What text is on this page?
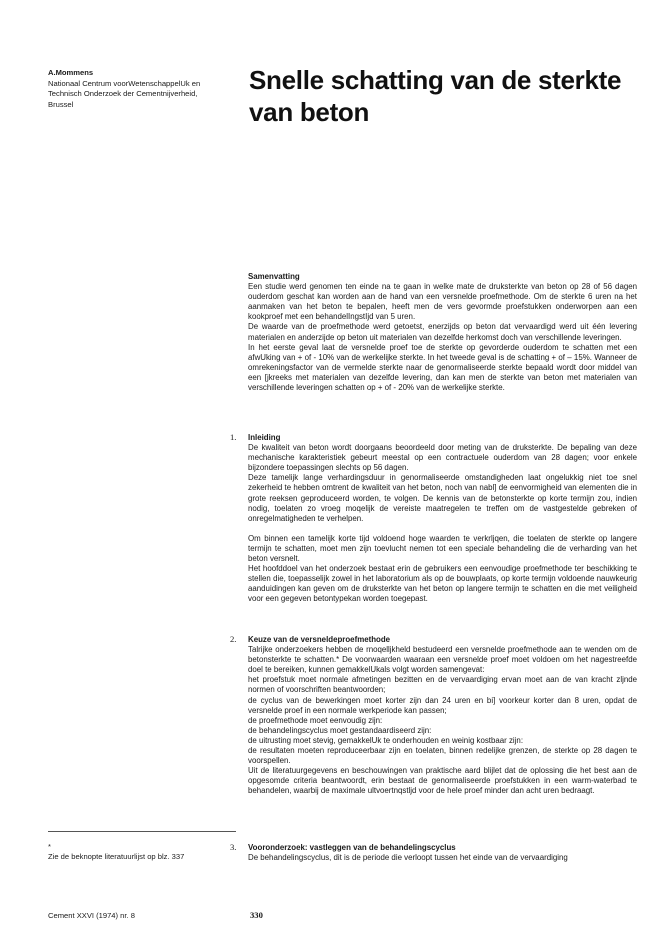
A.Mommens
Nationaal Centrum voorWetenschappelUk en
Technisch Onderzoek der Cementnijverheid,
Brussel
Snelle schatting van de sterkte van beton

Samenvatting

Een studie werd genomen ten einde na te gaan in welke mate de druksterkte van beton op 28 of 56 dagen ouderdom geschat kan worden aan de hand van een versnelde proefmethode. Om de sterkte 6 uren na het aanmaken van het beton te bepalen, heeft men de vers gevormde proefstukken onderworpen aan een kookproef met een behandelIngstIjd van 5 uren.

De waarde van de proefmethode werd getoetst, enerzijds op beton dat vervaardigd werd uit één levering materialen en anderzijde op beton uit materialen van dezelfde herkomst doch van verschillende leveringen.

In het eerste geval laat de versnelde proef toe de sterkte op gevorderde ouderdom te schatten met een afwUking van + of - 10% van de werkelijke sterkte. In het tweede geval is de schatting + of – 15%. Wanneer de omrekeningsfactor van de vermelde sterkte naar de genormaliseerde sterkte bepaald wordt door middel van een [jkreeks met materialen van dezelfde levering, dan kan men de sterkte van beton met materialen van verschillende leveringen schatten op + of - 20% van de werkelijke sterkte.

1. Inleiding

De kwaliteit van beton wordt doorgaans beoordeeld door meting van de druksterkte. De bepaling van deze mechanische karakteristiek gebeurt meestal op een contractuele ouderdom van 28 dagen; voor enkele bijzondere toepassingen slechts op 56 dagen.

Deze tamelijk lange verhardingsduur in genormaliseerde omstandigheden laat ongelukkig niet toe snel zekerheid te hebben omtrent de kwaliteit van het beton, noch van nabl] de eenvormigheid van elementen die in grote reeksen geproduceerd worden, te volgen. De kennis van de betonsterkte op korte termijn zou, indien nodig, toelaten zo vroeg moqelijk de vereiste maatregelen te treffen om de vastgestelde gebreken of onregelmatigheden te verhelpen.

Om binnen een tamelijk korte tijd voldoend hoge waarden te verkrljqen, die toelaten de sterkte op langere termijn te schatten, moet men zijn toevlucht nemen tot een speciale behandeling die de verharding van het beton versnelt.

Het hoofddoel van het onderzoek bestaat erin de gebruikers een eenvoudige proefmethode ter beschikking te stellen die, toepasselijk zowel in het laboratorium als op de bouwplaats, op korte termijn voldoende nauwkeurig aanduidingen kan geven om de druksterkte van het beton op langere termijn te schatten en die met veiligheid voor een gegeven betontypekan worden toegepast.

2. Keuze van de versneldeproefmethode

Talrijke onderzoekers hebben de rnoqelljkheld bestudeerd een versnelde proefmethode aan te wenden om de betonsterkte te schatten.* De voorwaarden waaraan een versnelde proef moet voldoen om het nagestreefde doel te bereiken, kunnen gemakkelUkals volgt worden samengevat:

het proefstuk moet normale afmetingen bezitten en de vervaardiging ervan moet aan de van kracht zljnde normen of voorschriften beantwoorden;

de cyclus van de bewerkingen moet korter zijn dan 24 uren en bi] voorkeur korter dan 8 uren, opdat de versnelde proef in een normale werkperiode kan passen;

de proefmethode moet eenvoudig zijn:

de behandelingscyclus moet gestandaardiseerd zijn:

de uitrusting moet stevig, gemakkelUk te onderhouden en weinig kostbaar zijn:

de resultaten moeten reproduceerbaar zijn en toelaten, binnen redelijke grenzen, de sterkte op 28 dagen te voorspellen.

Uit de literatuurgegevens en beschouwingen van praktische aard blijlet dat de oplossing die het best aan de opgesomde criteria beantwoordt, erin bestaat de genormaliseerde proefstukken in een warm-waterbad te behandelen, waarbij de maximale ultvoertnqstljd voor de hele proef minder dan acht uren bedraagt.

3. Vooronderzoek: vastleggen van de behandelingscyclus

De behandelingscyclus, dit is de periode die verloopt tussen het einde van de vervaardiging

*
Zie de beknopte literatuurlijst op blz. 337
Cement XXVI (1974) nr. 8	330
